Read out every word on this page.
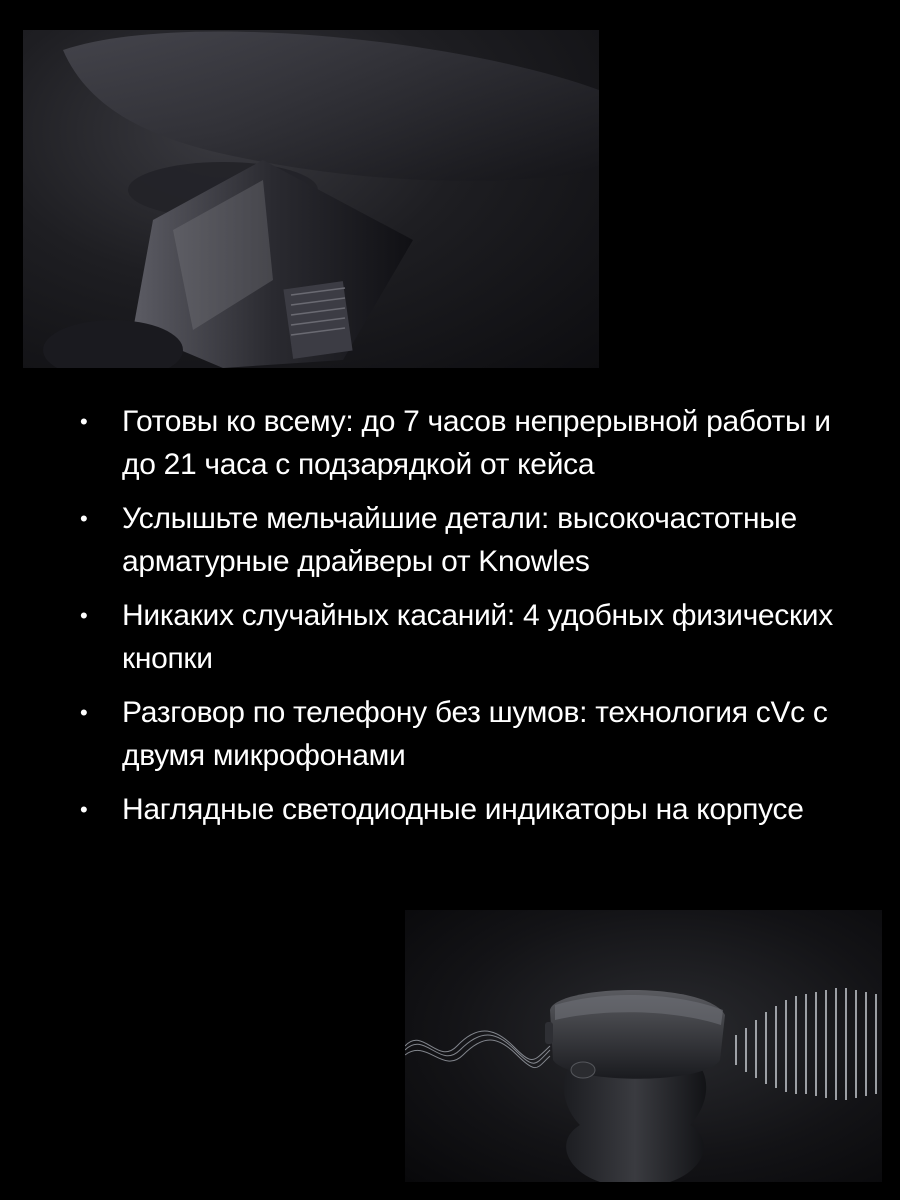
• Готовы ко всему: до 7 часов непрерывной работы и до 21 часа с подзарядкой от кейса
• Услышьте мельчайшие детали: высокочастотные арматурные драйверы от Knowles
• Никаких случайных касаний: 4 удобных физических кнопки
• Разговор по телефону без шумов: технология cVc с двумя микрофонами
• Наглядные светодиодные индикаторы на корпусе
